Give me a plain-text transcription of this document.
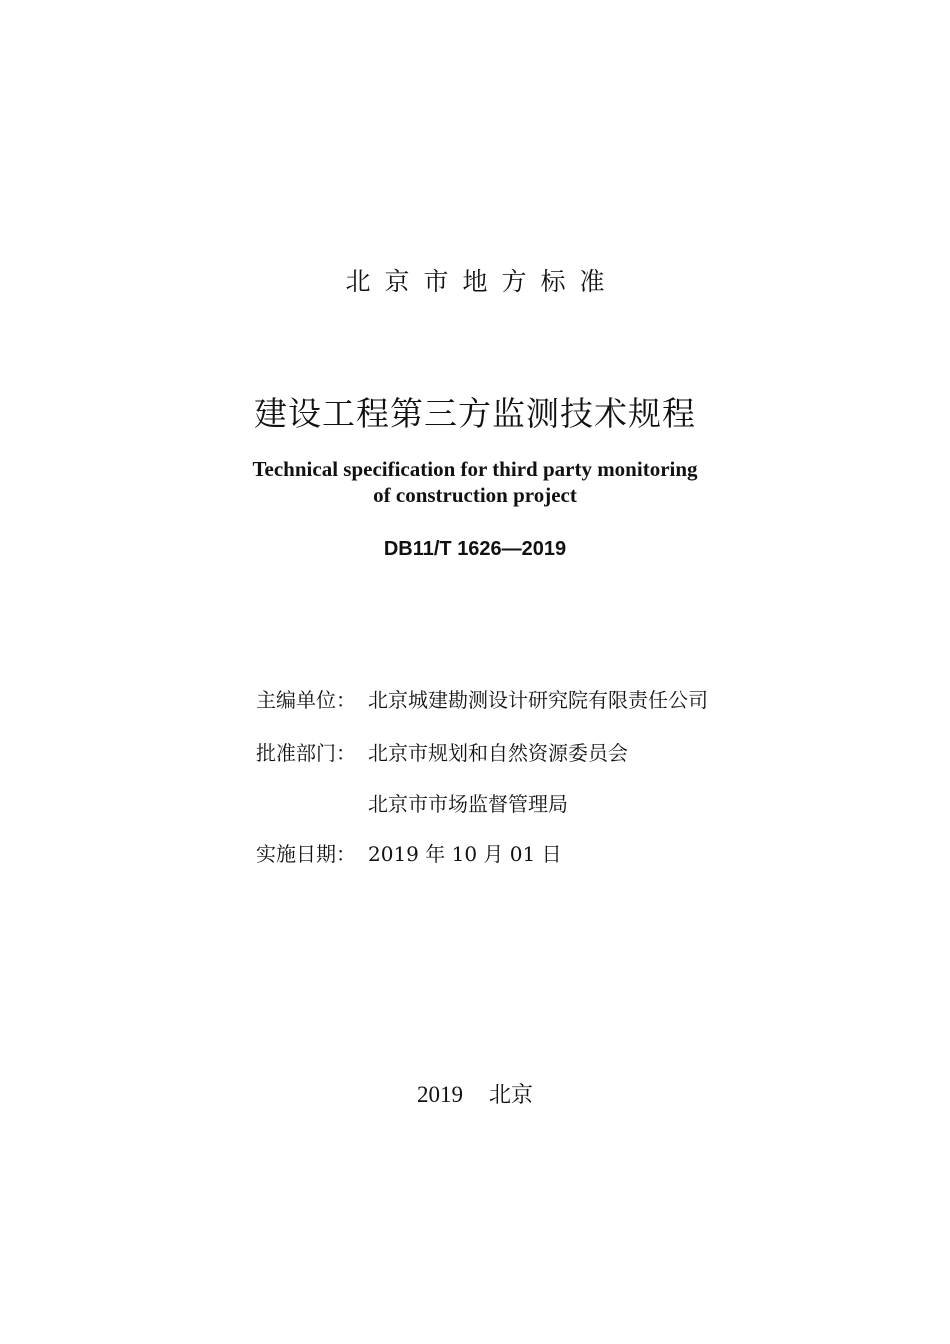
北京市地方标准
建设工程第三方监测技术规程
Technical specification for third party monitoring
of construction project
DB11/T 1626—2019
主编单位： 北京城建勘测设计研究院有限责任公司
批准部门： 北京市规划和自然资源委员会
北京市市场监督管理局
实施日期： 2019 年 10 月 01 日
2019 北京
